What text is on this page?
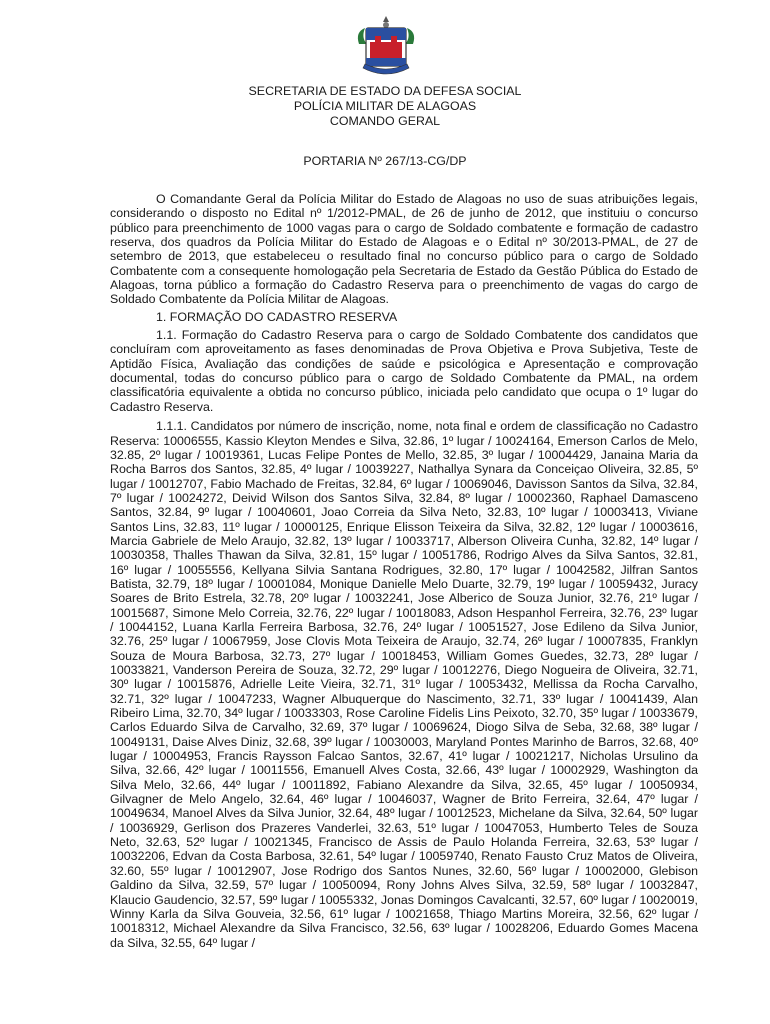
SECRETARIA DE ESTADO DA DEFESA SOCIAL
POLÍCIA MILITAR DE ALAGOAS
COMANDO GERAL
PORTARIA Nº 267/13-CG/DP

O Comandante Geral da Polícia Militar do Estado de Alagoas no uso de suas atribuições legais, considerando o disposto no Edital nº 1/2012-PMAL, de 26 de junho de 2012, que instituiu o concurso público para preenchimento de 1000 vagas para o cargo de Soldado combatente e formação de cadastro reserva, dos quadros da Polícia Militar do Estado de Alagoas e o Edital nº 30/2013-PMAL, de 27 de setembro de 2013, que estabeleceu o resultado final no concurso público para o cargo de Soldado Combatente com a consequente homologação pela Secretaria de Estado da Gestão Pública do Estado de Alagoas, torna público a formação do Cadastro Reserva para o preenchimento de vagas do cargo de Soldado Combatente da Polícia Militar de Alagoas.

1. FORMAÇÃO DO CADASTRO RESERVA

1.1. Formação do Cadastro Reserva para o cargo de Soldado Combatente dos candidatos que concluíram com aproveitamento as fases denominadas de Prova Objetiva e Prova Subjetiva, Teste de Aptidão Física, Avaliação das condições de saúde e psicológica e Apresentação e comprovação documental, todas do concurso público para o cargo de Soldado Combatente da PMAL, na ordem classificatória equivalente a obtida no concurso público, iniciada pelo candidato que ocupa o 1º lugar do Cadastro Reserva.

1.1.1. Candidatos por número de inscrição, nome, nota final e ordem de classificação no Cadastro Reserva: 10006555, Kassio Kleyton Mendes e Silva, 32.86, 1º lugar / 10024164, Emerson Carlos de Melo, 32.85, 2º lugar / 10019361, Lucas Felipe Pontes de Mello, 32.85, 3º lugar / 10004429, Janaina Maria da Rocha Barros dos Santos, 32.85, 4º lugar / 10039227, Nathallya Synara da Conceiçao Oliveira, 32.85, 5º lugar / 10012707, Fabio Machado de Freitas, 32.84, 6º lugar / 10069046, Davisson Santos da Silva, 32.84, 7º lugar / 10024272, Deivid Wilson dos Santos Silva, 32.84, 8º lugar / 10002360, Raphael Damasceno Santos, 32.84, 9º lugar / 10040601, Joao Correia da Silva Neto, 32.83, 10º lugar / 10003413, Viviane Santos Lins, 32.83, 11º lugar / 10000125, Enrique Elisson Teixeira da Silva, 32.82, 12º lugar / 10003616, Marcia Gabriele de Melo Araujo, 32.82, 13º lugar / 10033717, Alberson Oliveira Cunha, 32.82, 14º lugar / 10030358, Thalles Thawan da Silva, 32.81, 15º lugar / 10051786, Rodrigo Alves da Silva Santos, 32.81, 16º lugar / 10055556, Kellyana Silvia Santana Rodrigues, 32.80, 17º lugar / 10042582, Jilfran Santos Batista, 32.79, 18º lugar / 10001084, Monique Danielle Melo Duarte, 32.79, 19º lugar / 10059432, Juracy Soares de Brito Estrela, 32.78, 20º lugar / 10032241, Jose Alberico de Souza Junior, 32.76, 21º lugar / 10015687, Simone Melo Correia, 32.76, 22º lugar / 10018083, Adson Hespanhol Ferreira, 32.76, 23º lugar / 10044152, Luana Karlla Ferreira Barbosa, 32.76, 24º lugar / 10051527, Jose Edileno da Silva Junior, 32.76, 25º lugar / 10067959, Jose Clovis Mota Teixeira de Araujo, 32.74, 26º lugar / 10007835, Franklyn Souza de Moura Barbosa, 32.73, 27º lugar / 10018453, William Gomes Guedes, 32.73, 28º lugar / 10033821, Vanderson Pereira de Souza, 32.72, 29º lugar / 10012276, Diego Nogueira de Oliveira, 32.71, 30º lugar / 10015876, Adrielle Leite Vieira, 32.71, 31º lugar / 10053432, Mellissa da Rocha Carvalho, 32.71, 32º lugar / 10047233, Wagner Albuquerque do Nascimento, 32.71, 33º lugar / 10041439, Alan Ribeiro Lima, 32.70, 34º lugar / 10033303, Rose Caroline Fidelis Lins Peixoto, 32.70, 35º lugar / 10033679, Carlos Eduardo Silva de Carvalho, 32.69, 37º lugar / 10069624, Diogo Silva de Seba, 32.68, 38º lugar / 10049131, Daise Alves Diniz, 32.68, 39º lugar / 10030003, Maryland Pontes Marinho de Barros, 32.68, 40º lugar / 10004953, Francis Raysson Falcao Santos, 32.67, 41º lugar / 10021217, Nicholas Ursulino da Silva, 32.66, 42º lugar / 10011556, Emanuell Alves Costa, 32.66, 43º lugar / 10002929, Washington da Silva Melo, 32.66, 44º lugar / 10011892, Fabiano Alexandre da Silva, 32.65, 45º lugar / 10050934, Gilvagner de Melo Angelo, 32.64, 46º lugar / 10046037, Wagner de Brito Ferreira, 32.64, 47º lugar / 10049634, Manoel Alves da Silva Junior, 32.64, 48º lugar / 10012523, Michelane da Silva, 32.64, 50º lugar / 10036929, Gerlison dos Prazeres Vanderlei, 32.63, 51º lugar / 10047053, Humberto Teles de Souza Neto, 32.63, 52º lugar / 10021345, Francisco de Assis de Paulo Holanda Ferreira, 32.63, 53º lugar / 10032206, Edvan da Costa Barbosa, 32.61, 54º lugar / 10059740, Renato Fausto Cruz Matos de Oliveira, 32.60, 55º lugar / 10012907, Jose Rodrigo dos Santos Nunes, 32.60, 56º lugar / 10002000, Glebison Galdino da Silva, 32.59, 57º lugar / 10050094, Rony Johns Alves Silva, 32.59, 58º lugar / 10032847, Klaucio Gaudencio, 32.57, 59º lugar / 10055332, Jonas Domingos Cavalcanti, 32.57, 60º lugar / 10020019, Winny Karla da Silva Gouveia, 32.56, 61º lugar / 10021658, Thiago Martins Moreira, 32.56, 62º lugar / 10018312, Michael Alexandre da Silva Francisco, 32.56, 63º lugar / 10028206, Eduardo Gomes Macena da Silva, 32.55, 64º lugar /
